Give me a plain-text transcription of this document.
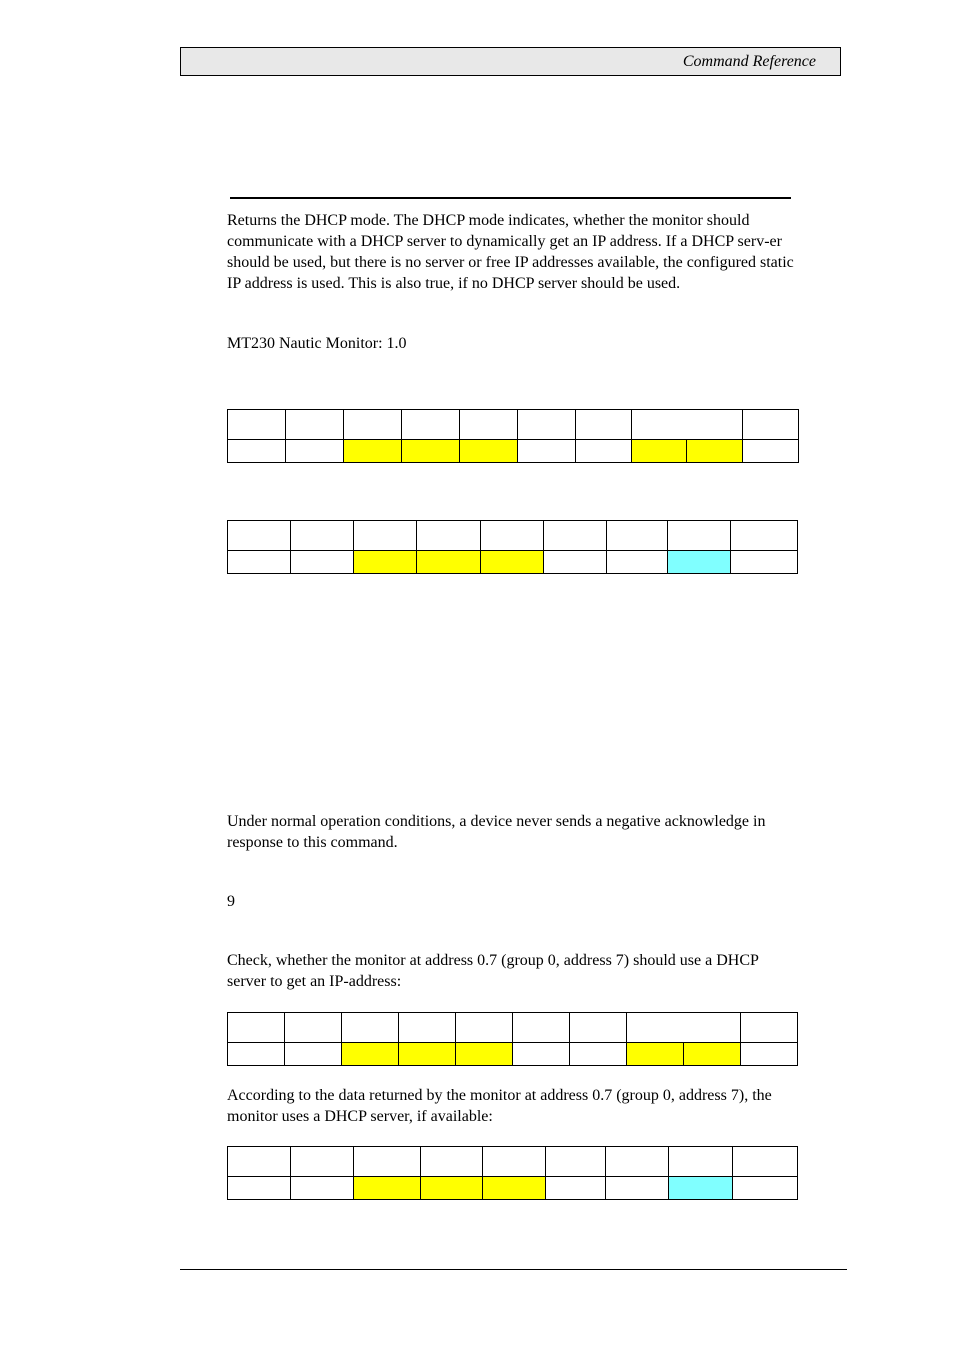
Command Reference

Returns the DHCP mode. The DHCP mode indicates, whether the monitor should communicate with a DHCP server to dynamically get an IP address. If a DHCP serv-er should be used, but there is no server or free IP addresses available, the configured static IP address is used. This is also true, if no DHCP server should be used.

MT230 Nautic Monitor: 1.0

Under normal operation conditions, a device never sends a negative acknowledge in response to this command.

9

Check, whether the monitor at address 0.7 (group 0, address 7) should use a DHCP server to get an IP-address:

According to the data returned by the monitor at address 0.7 (group 0, address 7), the monitor uses a DHCP server, if available:
